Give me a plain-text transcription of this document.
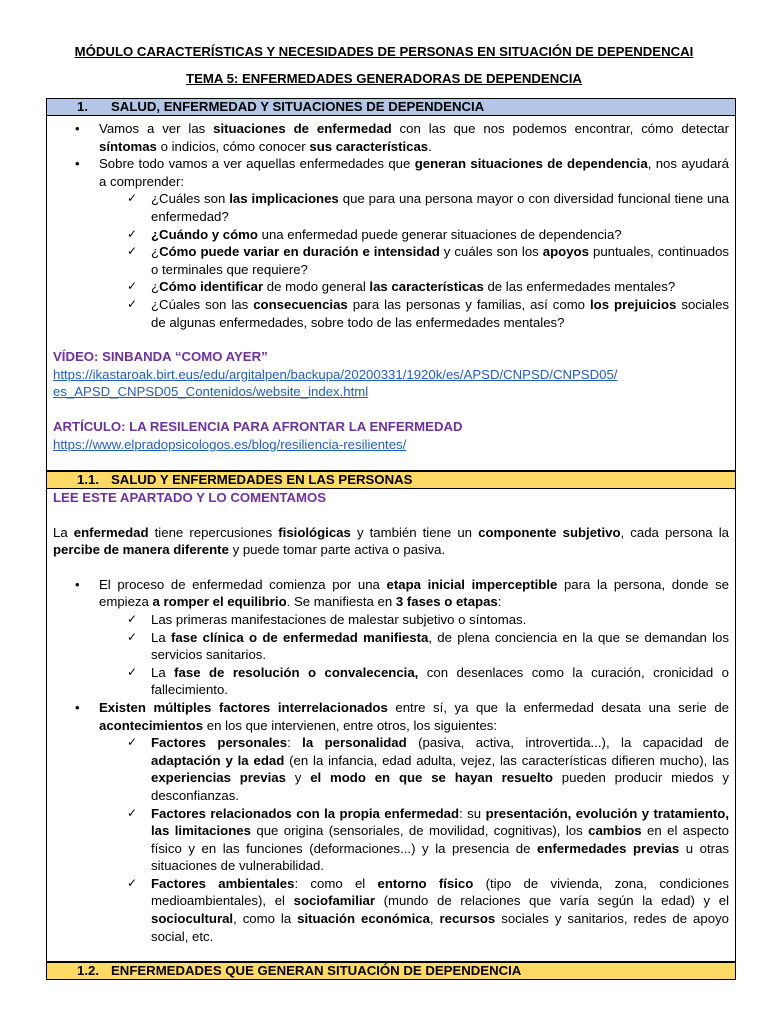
MÓDULO CARACTERÍSTICAS Y NECESIDADES DE PERSONAS EN SITUACIÓN DE DEPENDENCAI
TEMA 5: ENFERMEDADES GENERADORAS DE DEPENDENCIA
1. SALUD, ENFERMEDAD Y SITUACIONES DE DEPENDENCIA
• Vamos a ver las situaciones de enfermedad con las que nos podemos encontrar, cómo detectar síntomas o indicios, cómo conocer sus características.
• Sobre todo vamos a ver aquellas enfermedades que generan situaciones de dependencia, nos ayudará a comprender:
✓ ¿Cuáles son las implicaciones que para una persona mayor o con diversidad funcional tiene una enfermedad?
✓ ¿Cuándo y cómo una enfermedad puede generar situaciones de dependencia?
✓ ¿Cómo puede variar en duración e intensidad y cuáles son los apoyos puntuales, continuados o terminales que requiere?
✓ ¿Cómo identificar de modo general las características de las enfermedades mentales?
✓ ¿Cúales son las consecuencias para las personas y familias, así como los prejuicios sociales de algunas enfermedades, sobre todo de las enfermedades mentales?

VÍDEO: SINBANDA “COMO AYER”

https://ikastaroak.birt.eus/edu/argitalpen/backupa/20200331/1920k/es/APSD/CNPSD/CNPSD05/
es_APSD_CNPSD05_Contenidos/website_index.html

ARTÍCULO: LA RESILENCIA PARA AFRONTAR LA ENFERMEDAD

https://www.elpradopsicologos.es/blog/resiliencia-resilientes/

1.1. SALUD Y ENFERMEDADES EN LAS PERSONAS

LEE ESTE APARTADO Y LO COMENTAMOS

La enfermedad tiene repercusiones fisiológicas y también tiene un componente subjetivo, cada persona la percibe de manera diferente y puede tomar parte activa o pasiva.

• El proceso de enfermedad comienza por una etapa inicial imperceptible para la persona, donde se empieza a romper el equilibrio. Se manifiesta en 3 fases o etapas:
✓ Las primeras manifestaciones de malestar subjetivo o síntomas.
✓ La fase clínica o de enfermedad manifiesta, de plena conciencia en la que se demandan los servicios sanitarios.
✓ La fase de resolución o convalecencia, con desenlaces como la curación, cronicidad o fallecimiento.
• Existen múltiples factores interrelacionados entre sí, ya que la enfermedad desata una serie de acontecimientos en los que intervienen, entre otros, los siguientes:
✓ Factores personales: la personalidad (pasiva, activa, introvertida...), la capacidad de adaptación y la edad (en la infancia, edad adulta, vejez, las características difieren mucho), las experiencias previas y el modo en que se hayan resuelto pueden producir miedos y desconfianzas.
✓ Factores relacionados con la propia enfermedad: su presentación, evolución y tratamiento, las limitaciones que origina (sensoriales, de movilidad, cognitivas), los cambios en el aspecto físico y en las funciones (deformaciones...) y la presencia de enfermedades previas u otras situaciones de vulnerabilidad.
✓ Factores ambientales: como el entorno físico (tipo de vivienda, zona, condiciones medioambientales), el sociofamiliar (mundo de relaciones que varía según la edad) y el sociocultural, como la situación económica, recursos sociales y sanitarios, redes de apoyo social, etc.
1.2. ENFERMEDADES QUE GENERAN SITUACIÓN DE DEPENDENCIA
